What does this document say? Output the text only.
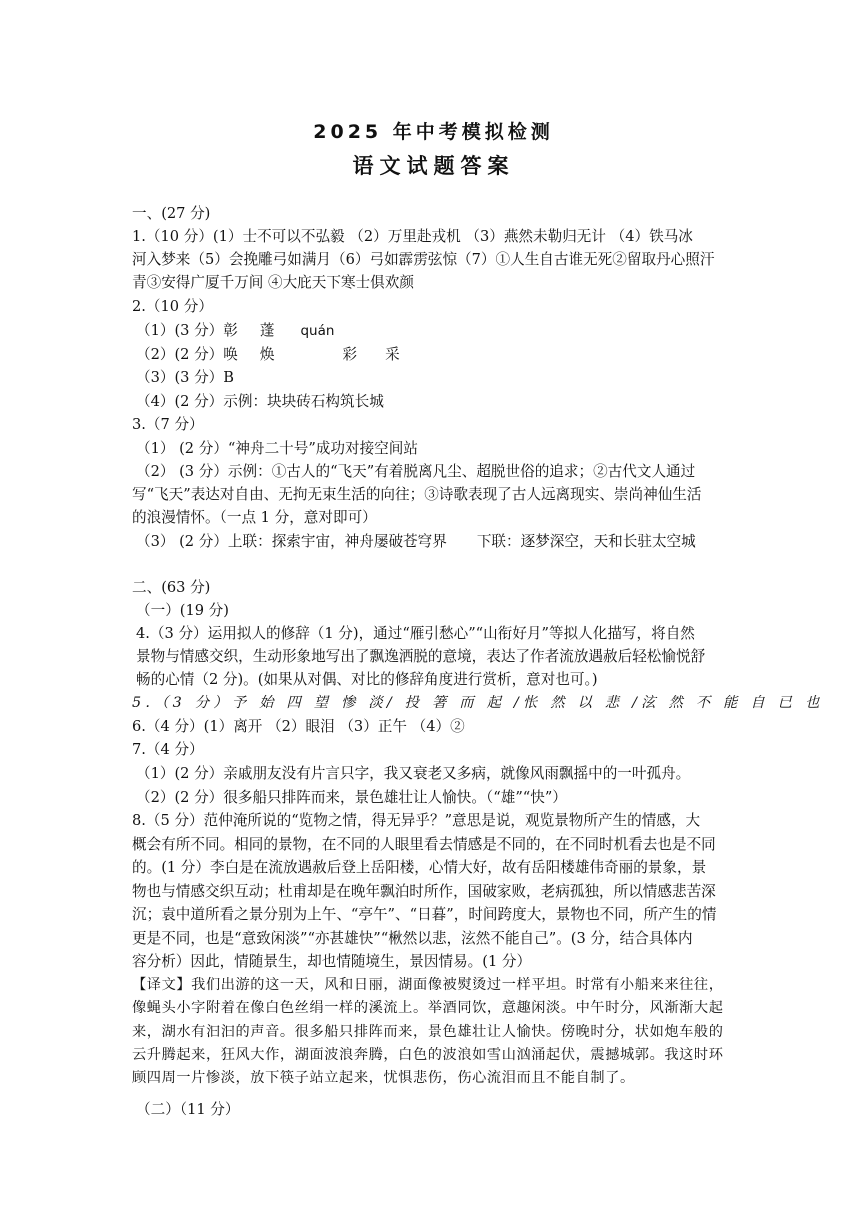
2025 年中考模拟检测
语文试题答案
一、(27 分)
1.（10 分）(1）士不可以不弘毅 （2）万里赴戎机 （3）燕然未勒归无计 （4）铁马冰
河入梦来（5）会挽雕弓如满月（6）弓如霹雳弦惊（7）①人生自古谁无死②留取丹心照汗
青③安得广厦千万间 ④大庇天下寒士俱欢颜
2.（10 分）
（1）(3 分）彰 蓬 quán
（2）(2 分）唤 焕	彩 采
（3）(3 分）B
（4）(2 分）示例：块块砖石构筑长城
3.（7 分）
（1） (2 分）“神舟二十号”成功对接空间站
（2） (3 分）示例：①古人的“飞天”有着脱离凡尘、超脱世俗的追求；②古代文人通过
写“飞天”表达对自由、无拘无束生活的向往；③诗歌表现了古人远离现实、崇尚神仙生活
的浪漫情怀。（一点 1 分，意对即可）
（3） (2 分）上联：探索宇宙，神舟屡破苍穹界 下联：逐梦深空，天和长驻太空城
二、(63 分)
（一）(19 分)
4.（3 分）运用拟人的修辞（1 分)，通过“雁引愁心”“山衔好月”等拟人化描写，将自然
景物与情感交织，生动形象地写出了飘逸洒脱的意境，表达了作者流放遇赦后轻松愉悦舒
畅的心情（2 分)。(如果从对偶、对比的修辞角度进行赏析，意对也可。)
5.（3 分）予 始 四 望 惨 淡/ 投 箸 而 起 /怅 然 以 悲 /泫 然 不 能 自 已 也
6.（4 分）(1）离开 （2）眼泪 （3）正午 （4）②
7.（4 分）
（1）(2 分）亲戚朋友没有片言只字，我又衰老又多病，就像风雨飘摇中的一叶孤舟。
（2）(2 分）很多船只排阵而来，景色雄壮让人愉快。（“雄”“快”）
8.（5 分）范仲淹所说的“览物之情，得无异乎？”意思是说，观览景物所产生的情感，大
概会有所不同。相同的景物，在不同的人眼里看去情感是不同的，在不同时机看去也是不同
的。(1 分）李白是在流放遇赦后登上岳阳楼，心情大好，故有岳阳楼雄伟奇丽的景象，景
物也与情感交织互动；杜甫却是在晚年飘泊时所作，国破家败，老病孤独，所以情感悲苦深
沉；袁中道所看之景分别为上午、“亭午”、“日暮”，时间跨度大，景物也不同，所产生的情
更是不同，也是“意致闲淡”“亦甚雄快”“楸然以悲，泫然不能自己”。(3 分，结合具体内
容分析）因此，情随景生，却也情随境生，景因情易。(1 分）
【译文】我们出游的这一天，风和日丽，湖面像被熨烫过一样平坦。时常有小船来来往往，
像蝇头小字附着在像白色丝绢一样的溪流上。举酒同饮，意趣闲淡。中午时分，风渐渐大起
来，湖水有汩汩的声音。很多船只排阵而来，景色雄壮让人愉快。傍晚时分，状如炮车般的
云升腾起来，狂风大作，湖面波浪奔腾，白色的波浪如雪山汹涌起伏，震撼城郭。我这时环
顾四周一片惨淡，放下筷子站立起来，忧惧悲伤，伤心流泪而且不能自制了。
（二）（11 分）
